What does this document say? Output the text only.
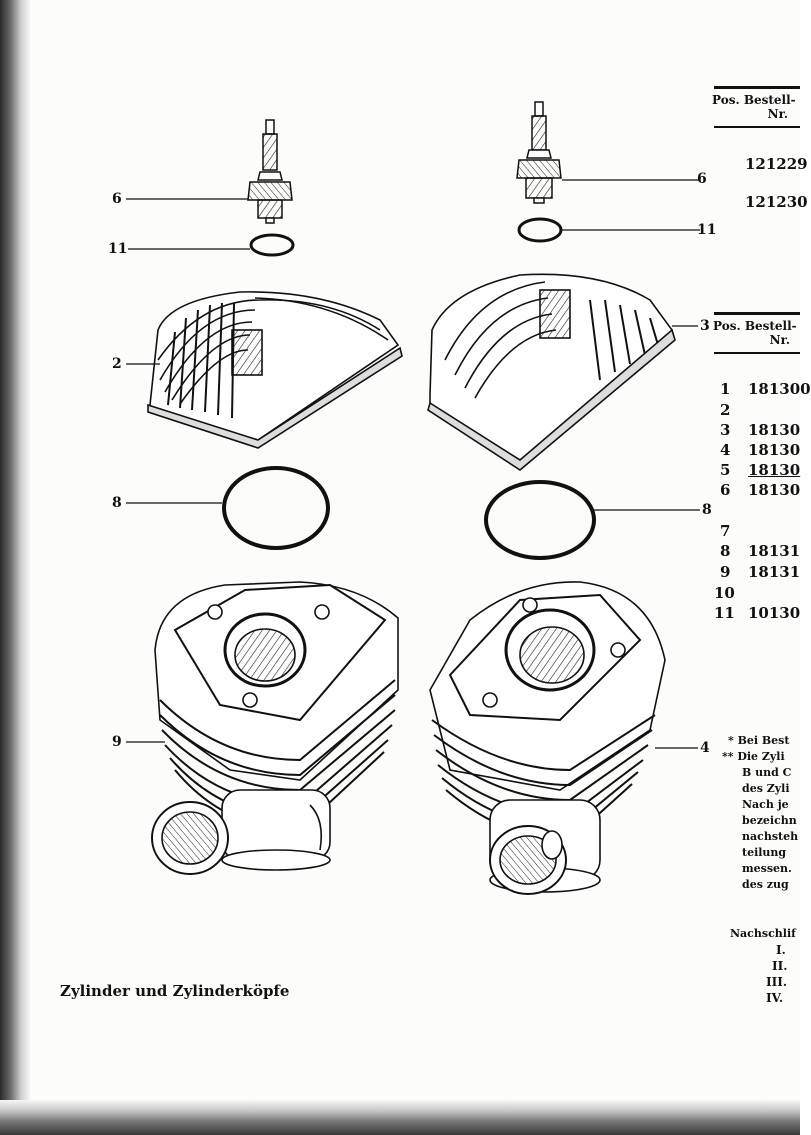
6
11
2
8
9
6
11
3
8
4
Zylinder und Zylinderköpfe
Pos. Bestell-
Nr.
121229
121230
Pos. Bestell-
Nr.
1 181300
2
3 18130
4 18130
5 18130
6 18130
7
8 18131
9 18131
10
11 10130
* Bei Best
** Die Zyli
B und C
des Zyli
Nach je
bezeichn
nachsteh
teilung
messen.
des zug
Nachschlif
I.
II.
III.
IV.
